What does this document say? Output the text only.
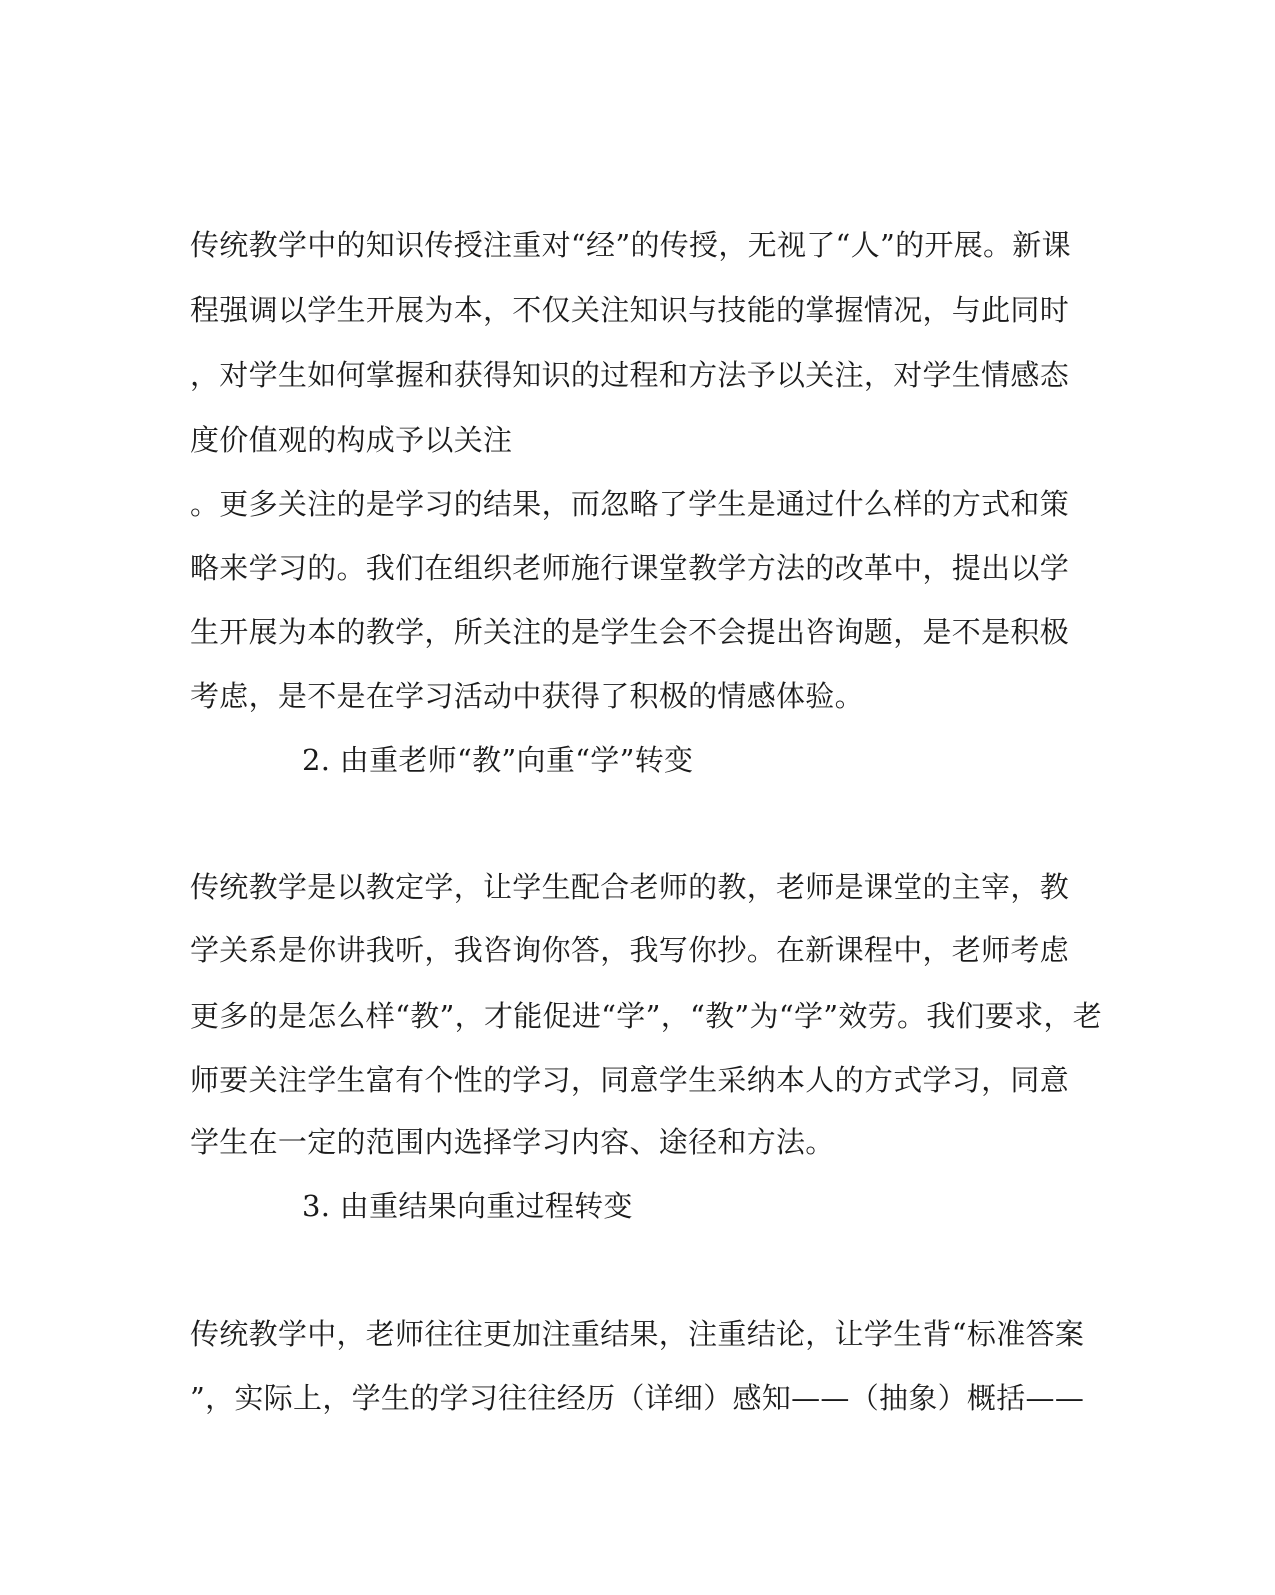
传统教学中的知识传授注重对“经”的传授，无视了“人”的开展。新课
程强调以学生开展为本，不仅关注知识与技能的掌握情况，与此同时
，对学生如何掌握和获得知识的过程和方法予以关注，对学生情感态
度价值观的构成予以关注
。更多关注的是学习的结果，而忽略了学生是通过什么样的方式和策
略来学习的。我们在组织老师施行课堂教学方法的改革中，提出以学
生开展为本的教学，所关注的是学生会不会提出咨询题，是不是积极
考虑，是不是在学习活动中获得了积极的情感体验。
2. 由重老师“教”向重“学”转变
传统教学是以教定学，让学生配合老师的教，老师是课堂的主宰，教
学关系是你讲我听，我咨询你答，我写你抄。在新课程中，老师考虑
更多的是怎么样“教”，才能促进“学”，“教”为“学”效劳。我们要求，老
师要关注学生富有个性的学习，同意学生采纳本人的方式学习，同意
学生在一定的范围内选择学习内容、途径和方法。
3. 由重结果向重过程转变
传统教学中，老师往往更加注重结果，注重结论，让学生背“标准答案
”，实际上，学生的学习往往经历（详细）感知——（抽象）概括——
